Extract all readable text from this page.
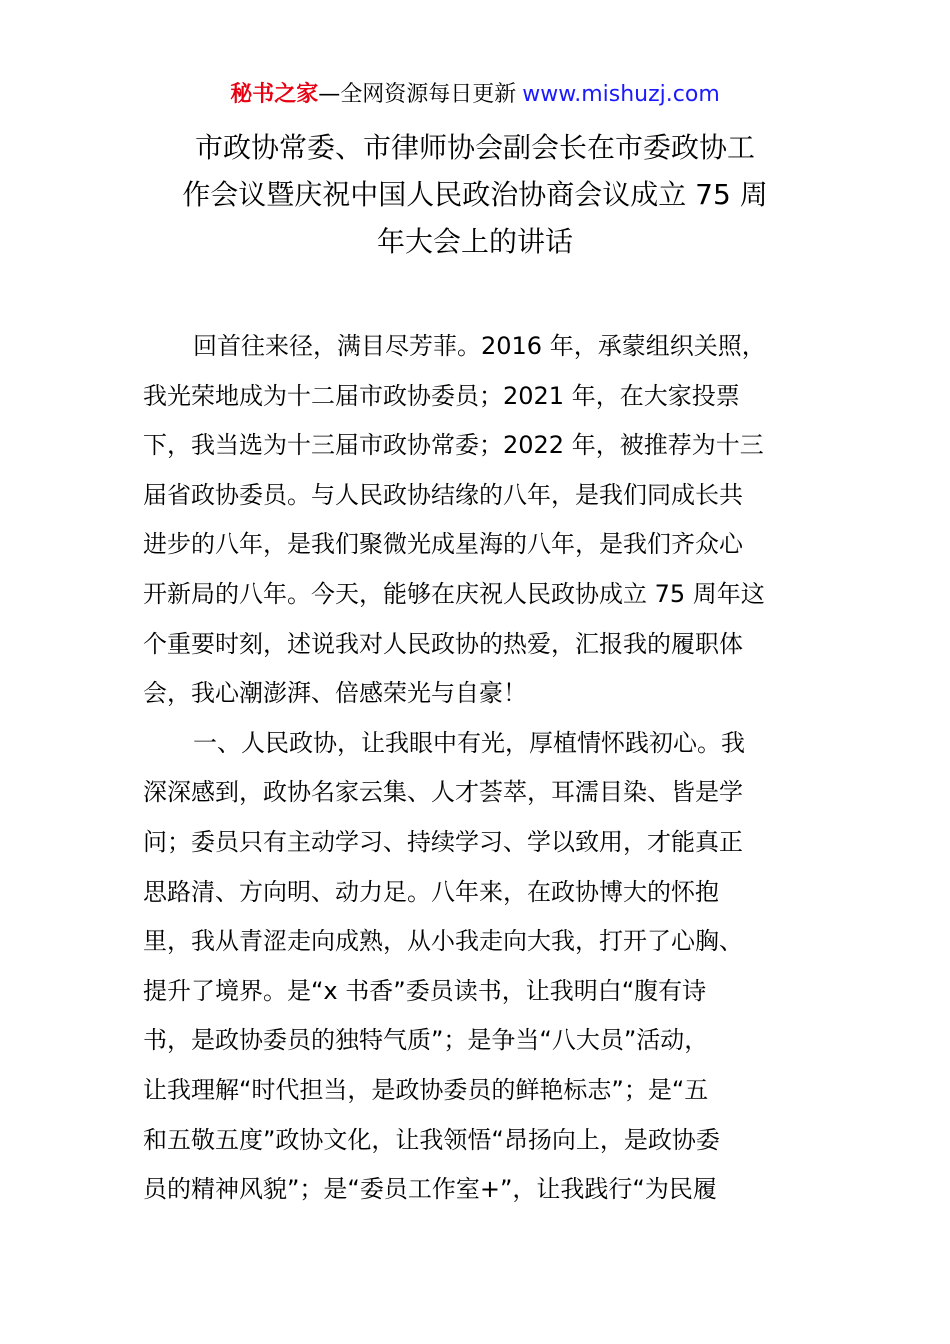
秘书之家—全网资源每日更新 www.mishuzj.com
市政协常委、市律师协会副会长在市委政协工
作会议暨庆祝中国人民政治协商会议成立 75 周
年大会上的讲话
回首往来径，满目尽芳菲。2016 年，承蒙组织关照，
我光荣地成为十二届市政协委员；2021 年，在大家投票
下，我当选为十三届市政协常委；2022 年，被推荐为十三
届省政协委员。与人民政协结缘的八年，是我们同成长共
进步的八年，是我们聚微光成星海的八年，是我们齐众心
开新局的八年。今天，能够在庆祝人民政协成立 75 周年这
个重要时刻，述说我对人民政协的热爱，汇报我的履职体
会，我心潮澎湃、倍感荣光与自豪！
一、人民政协，让我眼中有光，厚植情怀践初心。我
深深感到，政协名家云集、人才荟萃，耳濡目染、皆是学
问；委员只有主动学习、持续学习、学以致用，才能真正
思路清、方向明、动力足。八年来，在政协博大的怀抱
里，我从青涩走向成熟，从小我走向大我，打开了心胸、
提升了境界。是“x 书香”委员读书，让我明白“腹有诗
书，是政协委员的独特气质”；是争当“八大员”活动，
让我理解“时代担当，是政协委员的鲜艳标志”；是“五
和五敬五度”政协文化，让我领悟“昂扬向上，是政协委
员的精神风貌”；是“委员工作室+”，让我践行“为民履
